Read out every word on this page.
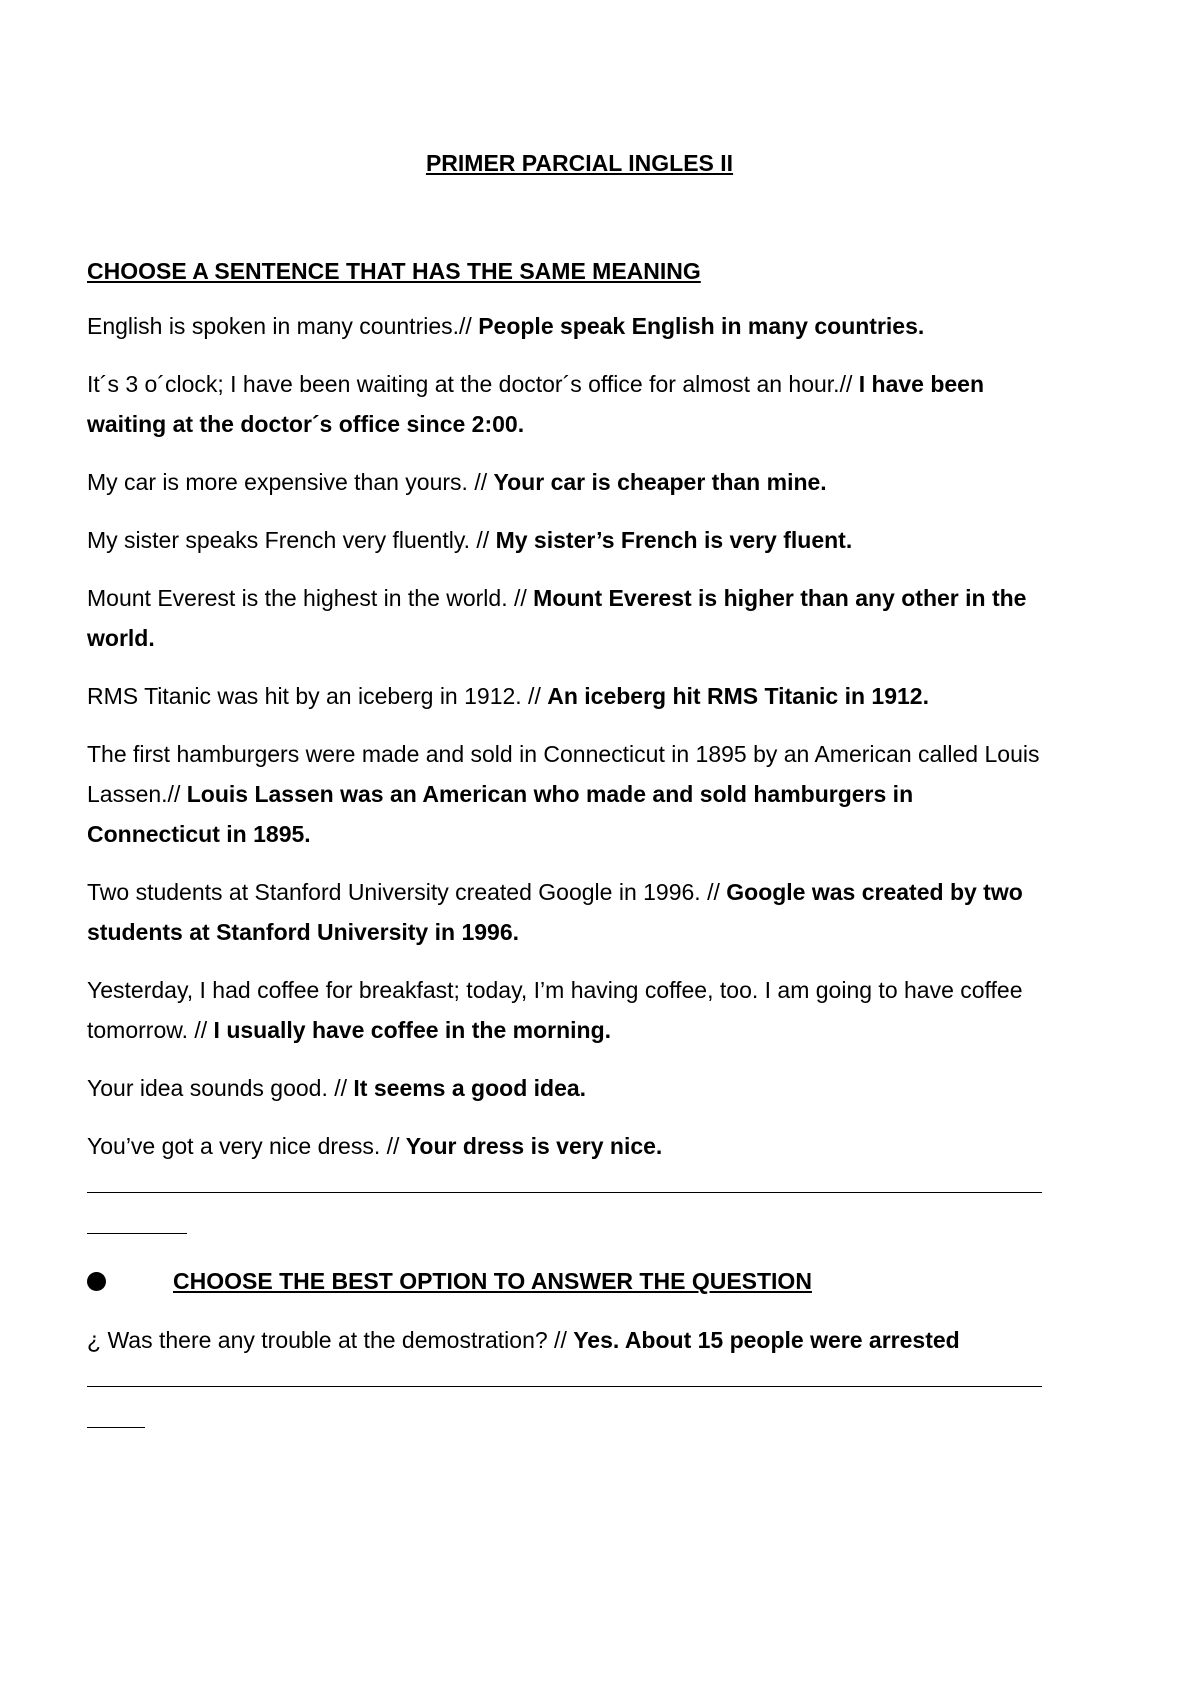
PRIMER PARCIAL INGLES II
CHOOSE A SENTENCE THAT HAS THE SAME MEANING

English is spoken in many countries.// People speak English in many countries.

It´s 3 o´clock; I have been waiting at the doctor´s office for almost an hour.// I have been waiting at the doctor´s office since 2:00.

My car is more expensive than yours. // Your car is cheaper than mine.

My sister speaks French very fluently. // My sister’s French is very fluent.

Mount Everest is the highest in the world. // Mount Everest is higher than any other in the world.

RMS Titanic was hit by an iceberg in 1912. // An iceberg hit RMS Titanic in 1912.

The first hamburgers were made and sold in Connecticut in 1895 by an American called Louis Lassen.// Louis Lassen was an American who made and sold hamburgers in Connecticut in 1895.

Two students at Stanford University created Google in 1996. // Google was created by two students at Stanford University in 1996.

Yesterday, I had coffee for breakfast; today, I’m having coffee, too. I am going to have coffee tomorrow. // I usually have coffee in the morning.

Your idea sounds good. // It seems a good idea.

You’ve got a very nice dress. // Your dress is very nice.

CHOOSE THE BEST OPTION TO ANSWER THE QUESTION

¿ Was there any trouble at the demostration? // Yes. About 15 people were arrested
